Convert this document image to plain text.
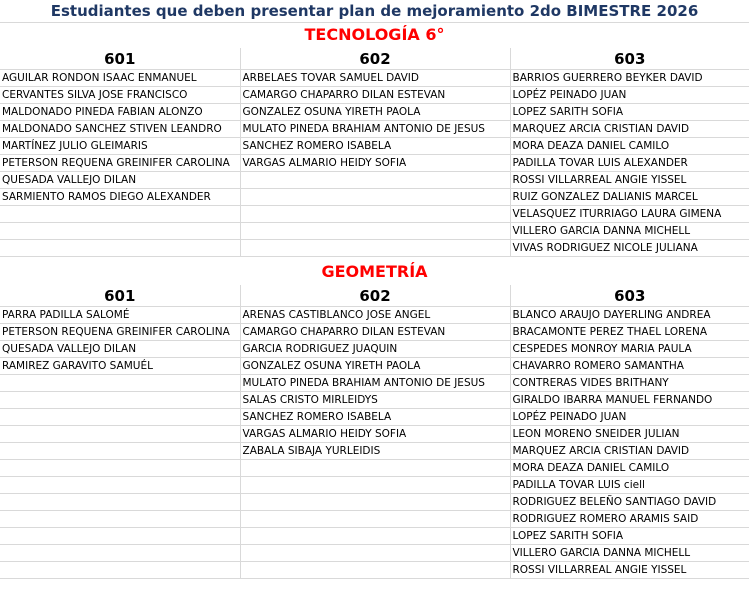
Estudiantes que deben presentar plan de mejoramiento 2do BIMESTRE 2026
TECNOLOGÍA 6°
601	602	603
AGUILAR RONDON ISAAC ENMANUEL	ARBELAES TOVAR SAMUEL DAVID	BARRIOS GUERRERO BEYKER DAVID
CERVANTES SILVA JOSE FRANCISCO	CAMARGO CHAPARRO DILAN ESTEVAN	LOPÉZ PEINADO JUAN
MALDONADO PINEDA FABIAN ALONZO	GONZALEZ OSUNA YIRETH PAOLA	LOPEZ SARITH SOFIA
MALDONADO SANCHEZ STIVEN LEANDRO	MULATO PINEDA BRAHIAM ANTONIO DE JESUS	MARQUEZ ARCIA CRISTIAN DAVID
MARTÍNEZ JULIO GLEIMARIS	SANCHEZ ROMERO ISABELA	MORA DEAZA DANIEL CAMILO
PETERSON REQUENA GREINIFER CAROLINA	VARGAS ALMARIO HEIDY SOFIA	PADILLA TOVAR LUIS ALEXANDER
QUESADA VALLEJO DILAN		ROSSI VILLARREAL ANGIE YISSEL
SARMIENTO RAMOS DIEGO ALEXANDER		RUIZ GONZALEZ DALIANIS MARCEL
		VELASQUEZ ITURRIAGO LAURA GIMENA
		VILLERO GARCIA DANNA MICHELL
		VIVAS RODRIGUEZ NICOLE JULIANA
GEOMETRÍA
601	602	603
PARRA PADILLA SALOMÉ	ARENAS CASTIBLANCO JOSE ANGEL	BLANCO ARAUJO DAYERLING ANDREA
PETERSON REQUENA GREINIFER CAROLINA	CAMARGO CHAPARRO DILAN ESTEVAN	BRACAMONTE PEREZ THAEL LORENA
QUESADA VALLEJO DILAN	GARCIA RODRIGUEZ JUAQUIN	CESPEDES MONROY MARIA PAULA
RAMIREZ GARAVITO SAMUÉL	GONZALEZ OSUNA YIRETH PAOLA	CHAVARRO ROMERO SAMANTHA
	MULATO PINEDA BRAHIAM ANTONIO DE JESUS	CONTRERAS VIDES BRITHANY
	SALAS CRISTO MIRLEIDYS	GIRALDO IBARRA MANUEL FERNANDO
	SANCHEZ ROMERO ISABELA	LOPÉZ PEINADO JUAN
	VARGAS ALMARIO HEIDY SOFIA	LEON MORENO SNEIDER JULIAN
	ZABALA SIBAJA YURLEIDIS	MARQUEZ ARCIA CRISTIAN DAVID
		MORA DEAZA DANIEL CAMILO
		PADILLA TOVAR LUIS ciell
		RODRIGUEZ BELEÑO SANTIAGO DAVID
		RODRIGUEZ ROMERO ARAMIS SAID
		LOPEZ SARITH SOFIA
		VILLERO GARCIA DANNA MICHELL
		ROSSI VILLARREAL ANGIE YISSEL
